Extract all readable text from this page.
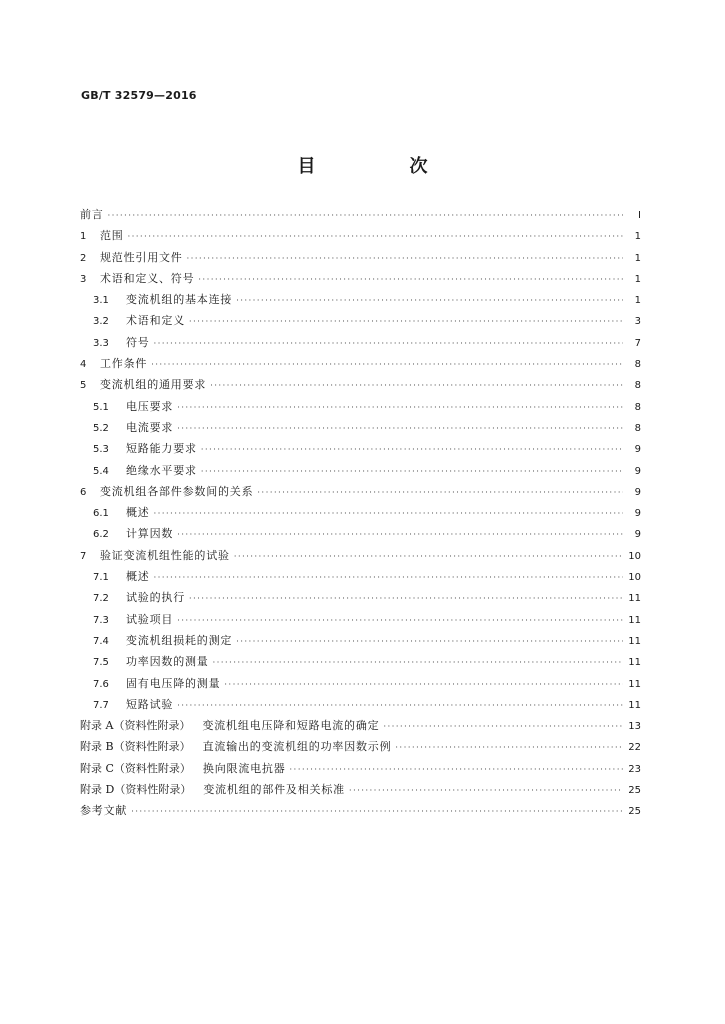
GB/T 32579—2016
目　次
前言 ·····	Ⅰ
1	范围 ·····	1
2	规范性引用文件 ·····	1
3	术语和定义、符号 ·····	1
3.1	变流机组的基本连接 ·····	1
3.2	术语和定义 ·····	3
3.3	符号 ·····	7
4	工作条件 ·····	8
5	变流机组的通用要求 ·····	8
5.1	电压要求 ·····	8
5.2	电流要求 ·····	8
5.3	短路能力要求 ·····	9
5.4	绝缘水平要求 ·····	9
6	变流机组各部件参数间的关系 ·····	9
6.1	概述 ·····	9
6.2	计算因数 ·····	9
7	验证变流机组性能的试验 ·····	10
7.1	概述 ·····	10
7.2	试验的执行 ·····	11
7.3	试验项目 ·····	11
7.4	变流机组损耗的测定 ·····	11
7.5	功率因数的测量 ·····	11
7.6	固有电压降的测量 ·····	11
7.7	短路试验 ·····	11
附录 A（资料性附录） 变流机组电压降和短路电流的确定 ·····	13
附录 B（资料性附录） 直流输出的变流机组的功率因数示例 ·····	22
附录 C（资料性附录） 换向限流电抗器 ·····	23
附录 D（资料性附录） 变流机组的部件及相关标准 ·····	25
参考文献 ·····	25
